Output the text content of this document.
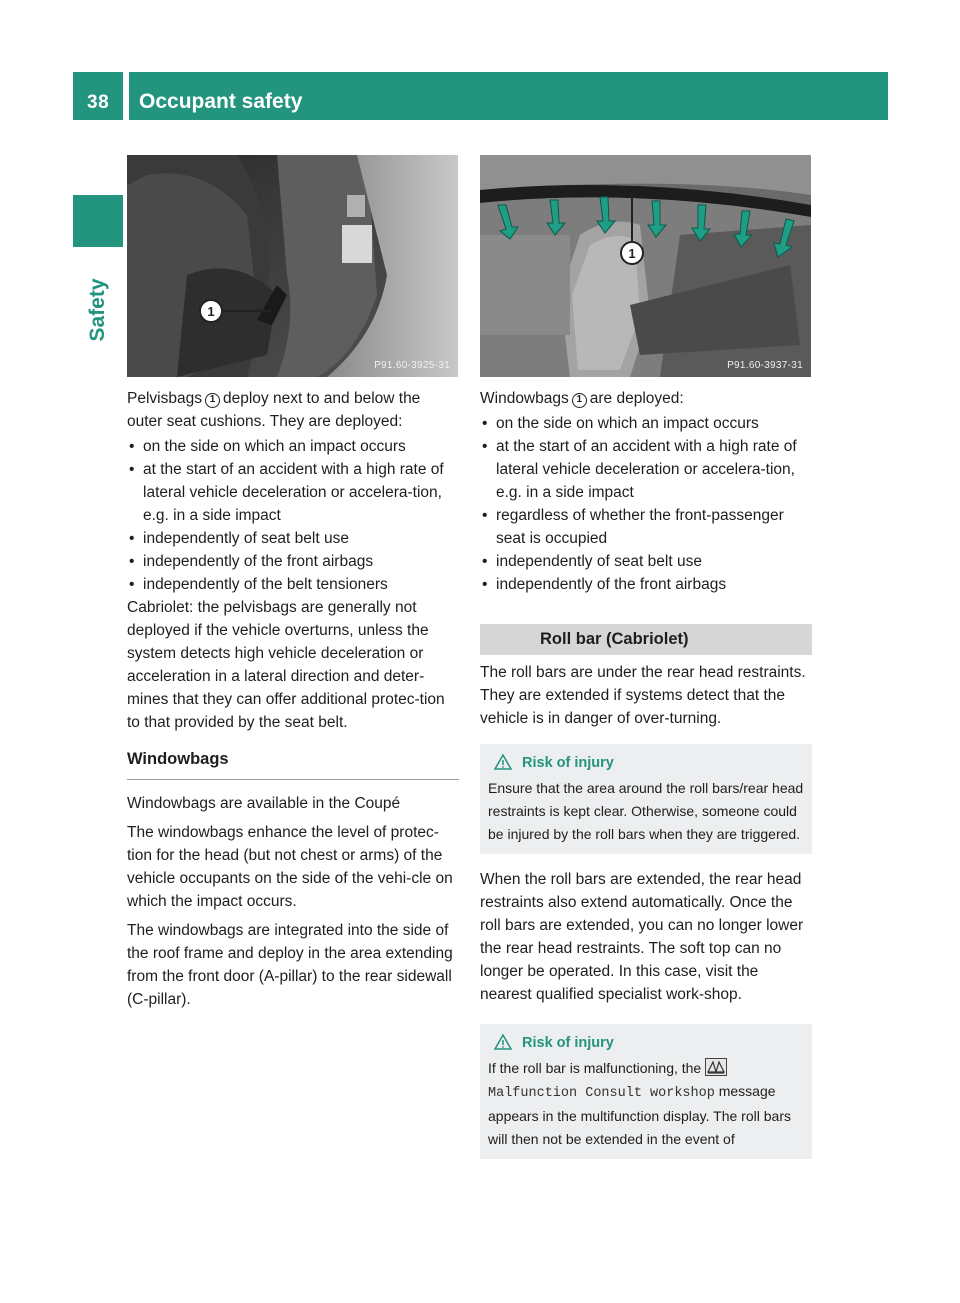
38	Occupant safety
Safety	1
P91.60-3925-31
1
P91.60-3937-31

Pelvisbags 1 deploy next to and below the outer seat cushions. They are deployed:

• on the side on which an impact occurs

• at the start of an accident with a high rate of lateral vehicle deceleration or accelera-tion, e.g. in a side impact

• independently of seat belt use

• independently of the front airbags

• independently of the belt tensioners

Cabriolet: the pelvisbags are generally not deployed if the vehicle overturns, unless the system detects high vehicle deceleration or acceleration in a lateral direction and deter-mines that they can offer additional protec-tion to that provided by the seat belt.

Windowbags

Windowbags are available in the Coupé

The windowbags enhance the level of protec-tion for the head (but not chest or arms) of the vehicle occupants on the side of the vehi-cle on which the impact occurs.

The windowbags are integrated into the side of the roof frame and deploy in the area extending from the front door (A-pillar) to the rear sidewall (C-pillar).

Windowbags 1 are deployed:

• on the side on which an impact occurs

• at the start of an accident with a high rate of lateral vehicle deceleration or accelera-tion, e.g. in a side impact

• regardless of whether the front-passenger seat is occupied

• independently of seat belt use

• independently of the front airbags

Roll bar (Cabriolet)

The roll bars are under the rear head restraints. They are extended if systems detect that the vehicle is in danger of over-turning.

Risk of injury

Ensure that the area around the roll bars/rear head restraints is kept clear. Otherwise, someone could be injured by the roll bars when they are triggered.

When the roll bars are extended, the rear head restraints also extend automatically. Once the roll bars are extended, you can no longer lower the rear head restraints. The soft top can no longer be operated. In this case, visit the nearest qualified specialist work-shop.

Risk of injury

If the roll bar is malfunctioning, the
Malfunction Consult workshop message appears in the multifunction display. The roll bars will then not be extended in the event of
